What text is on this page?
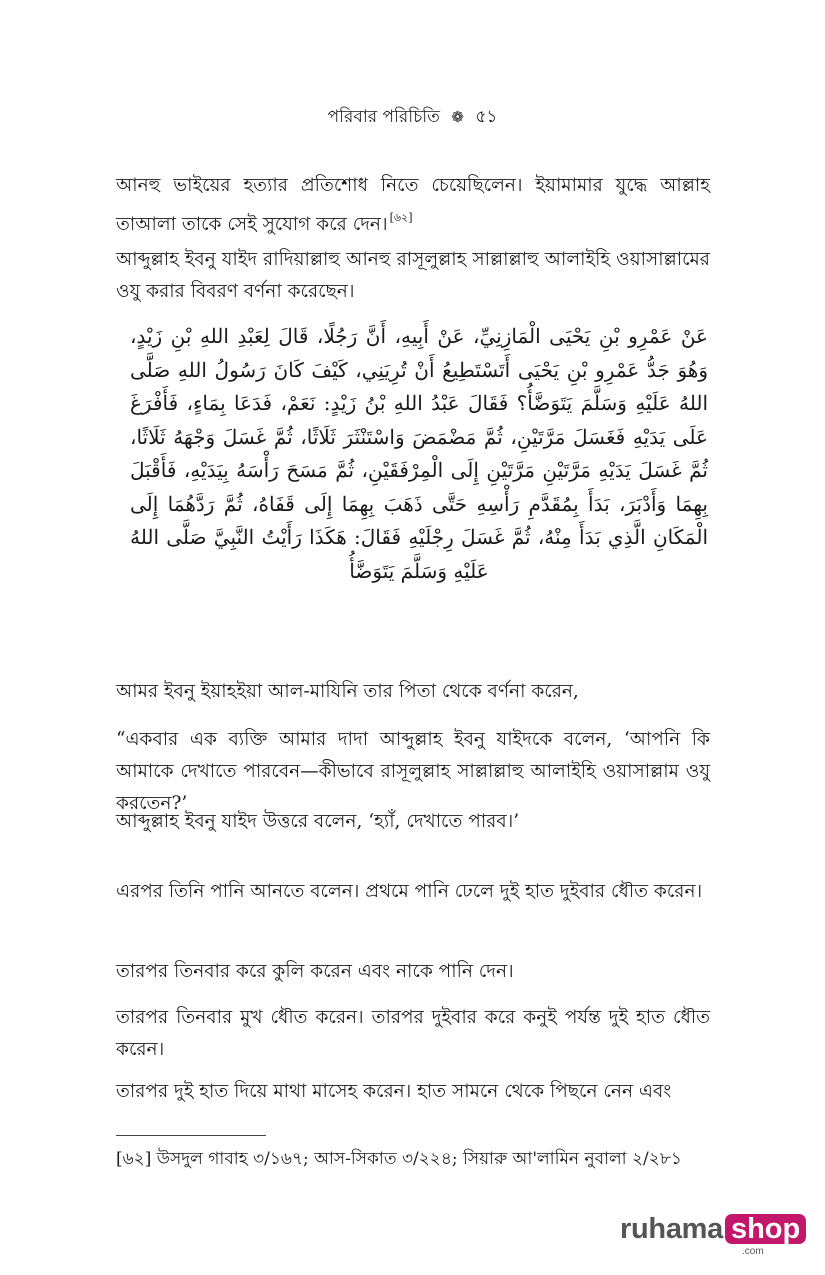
পরিবার পরিচিতি ❁ ৫১

আনহু ভাইয়ের হত্যার প্রতিশোধ নিতে চেয়েছিলেন। ইয়ামামার যুদ্ধে আল্লাহ তাআলা তাকে সেই সুযোগ করে দেন। [৬২]

আব্দুল্লাহ ইবনু যাইদ রাদিয়াল্লাহু আনহু রাসূলুল্লাহ সাল্লাল্লাহু আলাইহি ওয়াসাল্লামের ওযু করার বিবরণ বর্ণনা করেছেন।

عَنْ عَمْرِو بْنِ يَحْيَى الْمَازِنِيِّ، عَنْ أَبِيهِ، أَنَّ رَجُلًا، قَالَ لِعَبْدِ اللهِ بْنِ زَيْدٍ، وَهُوَ جَدُّ عَمْرِو بْنِ يَحْيَى أَتَسْتَطِيعُ أَنْ تُرِيَنِي، كَيْفَ كَانَ رَسُولُ اللهِ صَلَّى اللهُ عَلَيْهِ وَسَلَّمَ يَتَوَضَّأُ؟ فَقَالَ عَبْدُ اللهِ بْنُ زَيْدٍ: نَعَمْ، فَدَعَا بِمَاءٍ، فَأَفْرَغَ عَلَى يَدَيْهِ فَغَسَلَ مَرَّتَيْنِ، ثُمَّ مَضْمَضَ وَاسْتَنْثَرَ ثَلَاثًا، ثُمَّ غَسَلَ وَجْهَهُ ثَلَاثًا، ثُمَّ غَسَلَ يَدَيْهِ مَرَّتَيْنِ مَرَّتَيْنِ إِلَى الْمِرْفَقَيْنِ، ثُمَّ مَسَحَ رَأْسَهُ بِيَدَيْهِ، فَأَقْبَلَ بِهِمَا وَأَدْبَرَ، بَدَأَ بِمُقَدَّمِ رَأْسِهِ حَتَّى ذَهَبَ بِهِمَا إِلَى قَفَاهُ، ثُمَّ رَدَّهُمَا إِلَى الْمَكَانِ الَّذِي بَدَأَ مِنْهُ، ثُمَّ غَسَلَ رِجْلَيْهِ فَقَالَ: هَكَذَا رَأَيْتُ النَّبِيَّ صَلَّى اللهُ عَلَيْهِ وَسَلَّمَ يَتَوَضَّأُ

আমর ইবনু ইয়াহইয়া আল-মাযিনি তার পিতা থেকে বর্ণনা করেন,

“একবার এক ব্যক্তি আমার দাদা আব্দুল্লাহ ইবনু যাইদকে বলেন, ‘আপনি কি আমাকে দেখাতে পারবেন—কীভাবে রাসূলুল্লাহ সাল্লাল্লাহু আলাইহি ওয়াসাল্লাম ওযু করতেন?’

আব্দুল্লাহ ইবনু যাইদ উত্তরে বলেন, ‘হ্যাঁ, দেখাতে পারব।’

এরপর তিনি পানি আনতে বলেন। প্রথমে পানি ঢেলে দুই হাত দুইবার ধৌত করেন।

তারপর তিনবার করে কুলি করেন এবং নাকে পানি দেন।

তারপর তিনবার মুখ ধৌত করেন। তারপর দুইবার করে কনুই পর্যন্ত দুই হাত ধৌত করেন।

তারপর দুই হাত দিয়ে মাথা মাসেহ করেন। হাত সামনে থেকে পিছনে নেন এবং

[৬২] উসদুল গাবাহ ৩/১৬৭; আস-সিকাত ৩/২২৪; সিয়ারু আ'লামিন নুবালা ২/২৮১

ruhama shop
.com
